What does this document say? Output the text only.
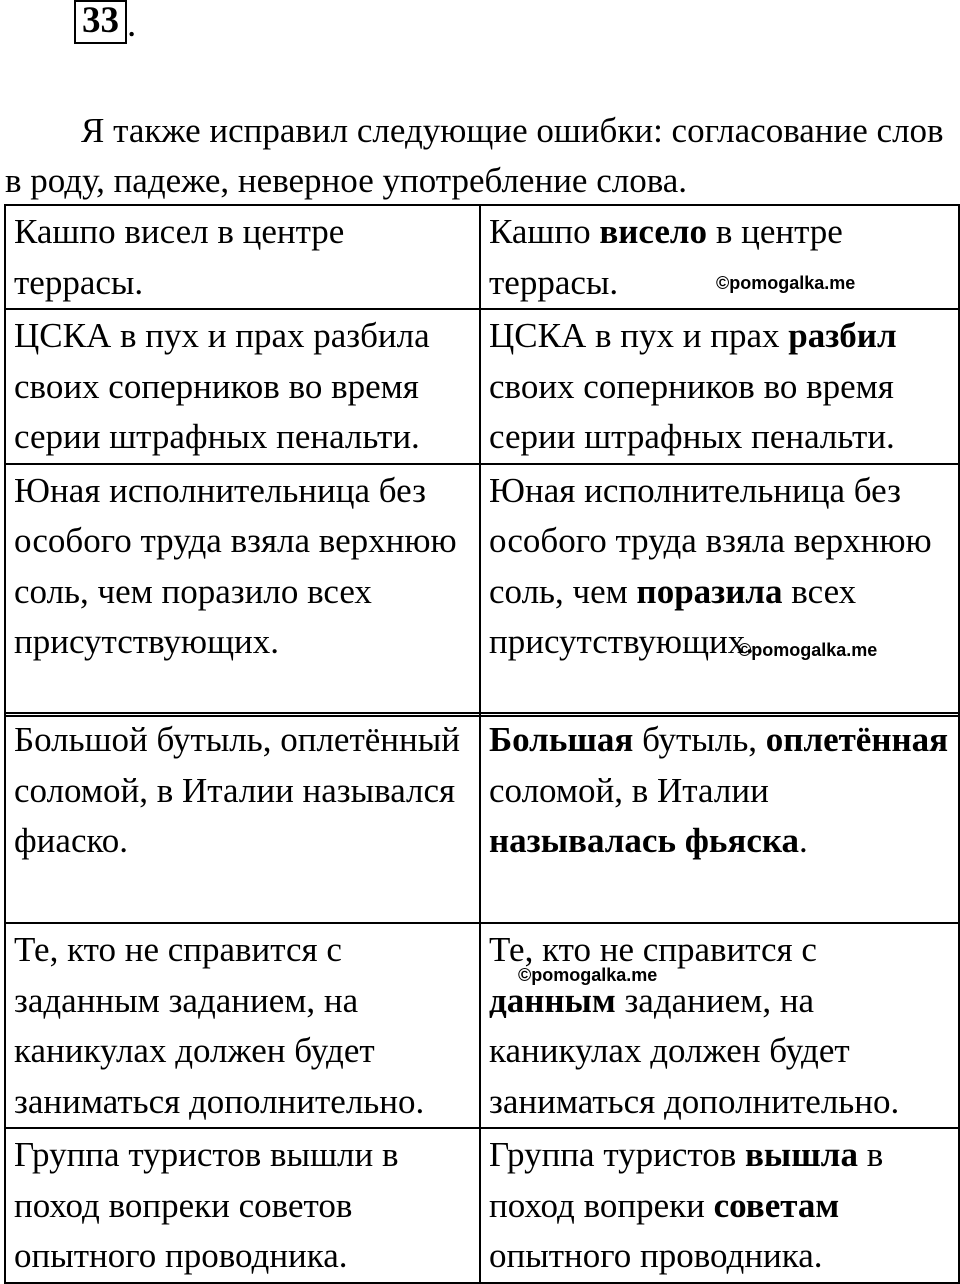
33 .

Я также исправил следующие ошибки: согласование слов в роду, падеже, неверное употребление слова.

Кашпо висел в центре террасы.	Кашпо висело в центре террасы.
ЦСКА в пух и прах разбила своих соперников во время серии штрафных пенальти.	ЦСКА в пух и прах разбил своих соперников во время серии штрафных пенальти.
Юная исполнительница без особого труда взяла верхнюю соль, чем поразило всех присутствующих.	Юная исполнительница без особого труда взяла верхнюю соль, чем поразила всех присутствующих.
Большой бутыль, оплетённый соломой, в Италии назывался фиаско.	Большая бутыль, оплетённая соломой, в Италии называлась фьяска.
Те, кто не справится с заданным заданием, на каникулах должен будет заниматься дополнительно.	Те, кто не справится с данным заданием, на каникулах должен будет заниматься дополнительно.
Группа туристов вышли в поход вопреки советов опытного проводника.	Группа туристов вышла в поход вопреки советам опытного проводника.
©pomogalka.me
©pomogalka.me
©pomogalka.me
